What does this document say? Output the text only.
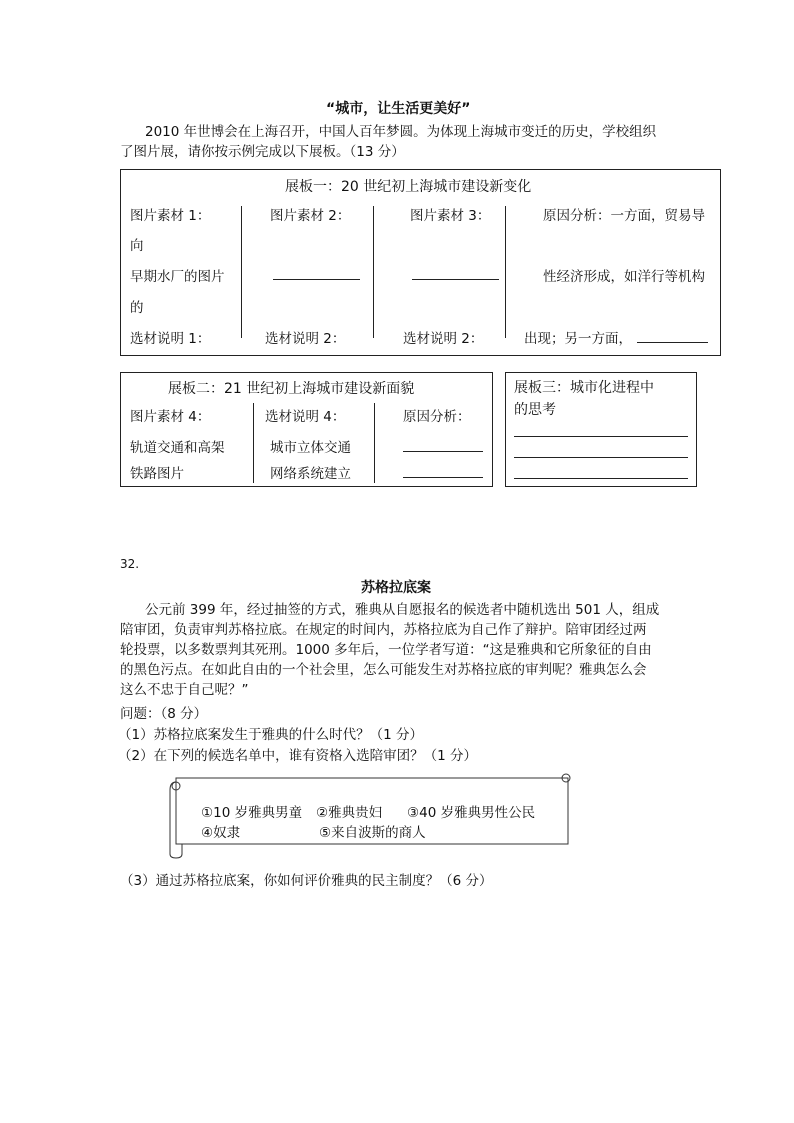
“城市，让生活更美好”
2010 年世博会在上海召开，中国人百年梦圆。为体现上海城市变迁的历史，学校组织
了图片展，请你按示例完成以下展板。（13 分）
展板一：20 世纪初上海城市建设新变化
图片素材 1：
向
早期水厂的图片
的
选材说明 1：
图片素材 2：
选材说明 2：
图片素材 3：
选材说明 2：
原因分析：一方面，贸易导
性经济形成，如洋行等机构
出现；另一方面，
展板二：21 世纪初上海城市建设新面貌
图片素材 4：
轨道交通和高架
铁路图片
选材说明 4：
城市立体交通
网络系统建立
原因分析：
展板三：城市化进程中
的思考
32.
苏格拉底案
公元前 399 年，经过抽签的方式，雅典从自愿报名的候选者中随机选出 501 人，组成
陪审团，负责审判苏格拉底。在规定的时间内，苏格拉底为自己作了辩护。陪审团经过两
轮投票，以多数票判其死刑。1000 多年后，一位学者写道：“这是雅典和它所象征的自由
的黑色污点。在如此自由的一个社会里，怎么可能发生对苏格拉底的审判呢？雅典怎么会
这么不忠于自己呢？”
问题：（8 分）
（1）苏格拉底案发生于雅典的什么时代？（1 分）
（2）在下列的候选名单中，谁有资格入选陪审团？（1 分）
①10 岁雅典男童 ②雅典贵妇 ③40 岁雅典男性公民
④奴隶	⑤来自波斯的商人
（3）通过苏格拉底案，你如何评价雅典的民主制度？（6 分）
